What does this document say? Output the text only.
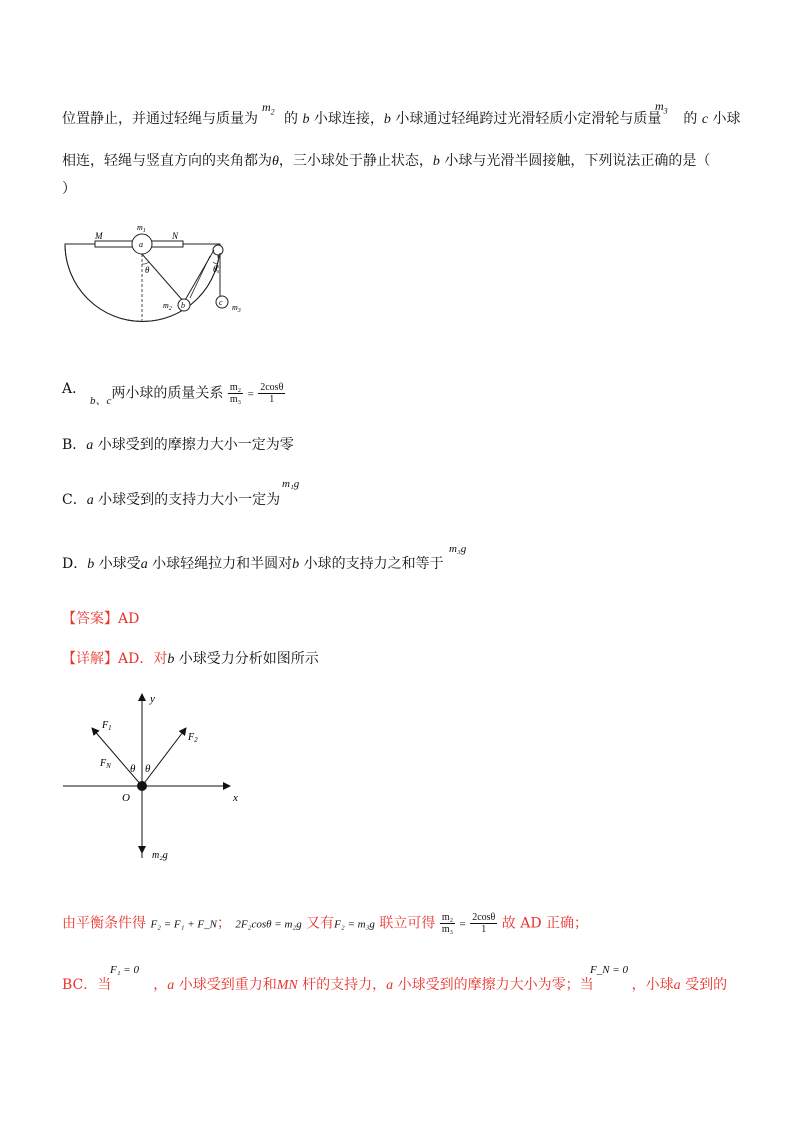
位置静止，并通过轻绳与质量为 的 b 小球连接，b 小球通过轻绳跨过光滑轻质小定滑轮与质量 的 c 小球
$m_2$	$m_3$
相连，轻绳与竖直方向的夹角都为θ，三小球处于静止状态，b 小球与光滑半圆接触，下列说法正确的是（
）
M	N
$m_1$
a
θ	θ
$m_2$ b	c
$m_3$
A．
$_{b、c}$两小球的质量关系 $\frac{\text{m₂}}{\text{m₃}} = \frac{2\cos\theta}{1}$
B．a 小球受到的摩擦力大小一定为零
C．a 小球受到的支持力大小一定为
m₁g
D．b 小球受a 小球轻绳拉力和半圆对b 小球的支持力之和等于
m₃g
【答案】AD
【详解】AD．对b 小球受力分析如图所示
y
x
O
$F_1$
$F_2$
$F_N$ θ θ
m₂g
由平衡条件得 F₂ = F₁ + F_N； 2F₂cosθ = m₂g 又有F₂ = m₃g 联立可得 $\frac{\text{m₂}}{\text{m₃}} = \frac{2\cos\theta}{1}$ 故 AD 正确；
BC．当	，a 小球受到重力和MN 杆的支持力，a 小球受到的摩擦力大小为零；当	，小球a 受到的
F₁ = 0	F_N = 0
